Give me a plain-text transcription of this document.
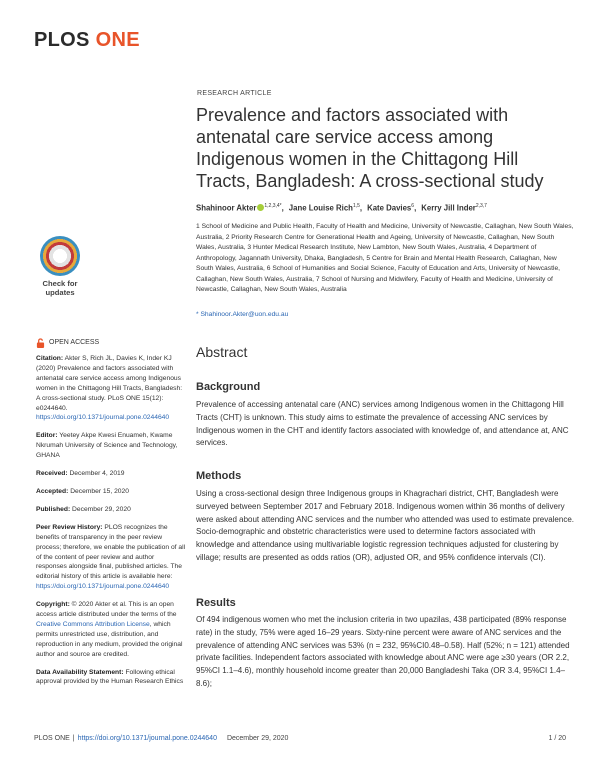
PLOS ONE
Check for updates
OPEN ACCESS
Citation: Akter S, Rich JL, Davies K, Inder KJ (2020) Prevalence and factors associated with antenatal care service access among Indigenous women in the Chittagong Hill Tracts, Bangladesh: A cross-sectional study. PLoS ONE 15(12): e0244640. https://doi.org/10.1371/journal.pone.0244640
Editor: Yeetey Akpe Kwesi Enuameh, Kwame Nkrumah University of Science and Technology, GHANA
Received: December 4, 2019
Accepted: December 15, 2020
Published: December 29, 2020
Peer Review History: PLOS recognizes the benefits of transparency in the peer review process; therefore, we enable the publication of all of the content of peer review and author responses alongside final, published articles. The editorial history of this article is available here: https://doi.org/10.1371/journal.pone.0244640
Copyright: © 2020 Akter et al. This is an open access article distributed under the terms of the Creative Commons Attribution License, which permits unrestricted use, distribution, and reproduction in any medium, provided the original author and source are credited.
Data Availability Statement: Following ethical approval provided by the Human Research Ethics
RESEARCH ARTICLE
Prevalence and factors associated with antenatal care service access among Indigenous women in the Chittagong Hill Tracts, Bangladesh: A cross-sectional study
Shahinoor Akter $^{1,2,3,4*}$, Jane Louise Rich$^{1,5}$, Kate Davies$^6$, Kerry Jill Inder$^{2,3,7}$
1 School of Medicine and Public Health, Faculty of Health and Medicine, University of Newcastle, Callaghan, New South Wales, Australia, 2 Priority Research Centre for Generational Health and Ageing, University of Newcastle, Callaghan, New South Wales, Australia, 3 Hunter Medical Research Institute, New Lambton, New South Wales, Australia, 4 Department of Anthropology, Jagannath University, Dhaka, Bangladesh, 5 Centre for Brain and Mental Health Research, Callaghan, New South Wales, Australia, 6 School of Humanities and Social Science, Faculty of Education and Arts, University of Newcastle, Callaghan, New South Wales, Australia, 7 School of Nursing and Midwifery, Faculty of Health and Medicine, University of Newcastle, Callaghan, New South Wales, Australia
* Shahinoor.Akter@uon.edu.au
Abstract
Background
Prevalence of accessing antenatal care (ANC) services among Indigenous women in the Chittagong Hill Tracts (CHT) is unknown. This study aims to estimate the prevalence of accessing ANC services by Indigenous women in the CHT and identify factors associated with knowledge of, and attendance at, ANC services.
Methods
Using a cross-sectional design three Indigenous groups in Khagrachari district, CHT, Bangladesh were surveyed between September 2017 and February 2018. Indigenous women within 36 months of delivery were asked about attending ANC services and the number who attended was used to estimate prevalence. Socio-demographic and obstetric characteristics were used to determine factors associated with knowledge and attendance using multivariable logistic regression techniques adjusted for clustering by village; results are presented as odds ratios (OR), adjusted OR, and 95% confidence intervals (CI).
Results
Of 494 indigenous women who met the inclusion criteria in two upazilas, 438 participated (89% response rate) in the study, 75% were aged 16–29 years. Sixty-nine percent were aware of ANC services and the prevalence of attending ANC services was 53% (n = 232, 95%CI0.48–0.58). Half (52%; n = 121) attended private facilities. Independent factors associated with knowledge about ANC were age ≥30 years (OR 2.2, 95%CI 1.1–4.6), monthly household income greater than 20,000 Bangladeshi Taka (OR 3.4, 95%CI 1.4–8.6);
PLOS ONE | https://doi.org/10.1371/journal.pone.0244640 December 29, 2020	1 / 20
